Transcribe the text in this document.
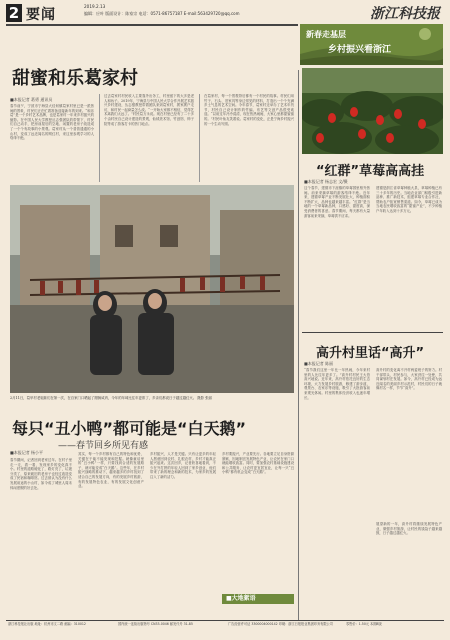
2 要闻
2019.2.13
编辑：应叶 版面设计：陈家宗 电话：0571-86757187 E-mail:563429720@qq.com	浙江科技报
新春走基层
乡村振兴看浙江
甜蜜和乐葛家村
■本报记者 葛勇 通讯员
春节前夕，宁波市宁海县大佳何镇葛家村里已是一派热闹的景象，村民们正在忙着准备迎接新年的到来。“和乐葛”是一个乡村艺术品牌，也是葛家村一年来乡村振兴的缩影。在中国人民大学教授丛志强团队的带领下，村民们自己动手，把房前屋后的空地、闲置的老房子改造成了一个个有故事的小景观。葛家村从一个普普通通的小山村，变成了远近闻名的网红村，来这里参观学习的人络绎不绝。
过去葛家村村民收入主要靠外出务工，村里留下的大多是老人和孩子。2019年，宁海县与中国人民大学合作开展艺术振兴乡村建设，丛志强教授带着团队来到葛家村，挨家挨户走访，和村民一起商量怎么改。“一开始大家都不相信，觉得艺术离我们太远了。”村民葛万永说。现在村里已经有了二十多个由村民自己设计建造的景观，仙绒美术馆、竹创馆、柿子院等成了游客打卡的热门地点。
在葛家村，每一个景观背后都有一个村民的故事。村民们用竹子、石头、旧家具等身边常见的材料，打造出一个个充满乡土气息的艺术空间。今年春节，葛家村还举办了艺术年货节，村民自己设计制作的竹编、布艺等文创产品很受欢迎。“以前过年冷冷清清，现在热热闹闹，大家心里都甜蜜蜜的。”村民叶仙友笑着说。葛家村的变化，正是宁海乡村振兴的一个生动写照。
2月11日，葛甲村老姐妹们在第一次，在自家门口晒起了腊肠咸肉，今年的年味比往年更浓了，乡亲们都说日子越过越红火。 摄影 张丽
每只“丑小鸭”都可能是“白天鹅”
——春节回乡所见有感
■本报记者 杨小平
春节期间，记者回到老家过年。在村子里走一走，看一看，发现家乡的变化真不小。村里的道路硬化了，路灯亮了，垃圾分类了，原来破旧的老房子也经过改造变成了民宿和咖啡馆。过去被认为没有什么发展前途的小山村，如今成了城里人周末休闲度假的好去处。
其实，每一个乡村都有自己的特色和优势，关键在于能不能发现和挖掘。就像童话里的“丑小鸭”一样，只要找到合适的发展路子，就可能变成“白天鹅”。这些年，在乡村振兴战略的推动下，越来越多的乡村找到了适合自己的发展方向，有的发展乡村旅游，有的发展特色农业，有的发展文化创意产业。
乡村振兴，人才是关键。只有让更多的年轻人愿意回到农村、扎根农村，乡村才能真正振兴起来。这次回乡，记者欣喜地看到，不少在外打拼的年轻人回到了家乡创业，他们带来了新的理念和新的技术，为家乡的发展注入了新的活力。
乡村要振兴，产业要先行。各地要立足自身资源禀赋，因地制宜发展特色产业，让农民在家门口就能增收致富。同时，要加强农村基础设施建设和公共服务，让农村更宜居宜业，让每一只“丑小鸭”都有机会变成“白天鹅”。
■大地絮语
“红群”草莓高高挂
■本报记者 杨志宏 文/摄
这个春节，建德市下涯镇的草莓园里格外热闹。前来采摘草莓的游客络绎不绝。近年来，建德草莓产业不断发展壮大，种植面积不断扩大，品种也越来越丰富。“红群”是当地的一个草莓新品种，口感好、甜度高，深受消费者的喜爱。春节期间，每天都有大量游客前来采摘，草莓供不应求。
建德是浙江省草莓种植大县，草莓种植已有三十多年的历史。当地农业部门积极引进新品种、推广新技术，组建草莓专业合作社，帮助农户拓宽销售渠道。如今，草莓已成为当地农民增收致富的“甜蜜产业”，不少种植户年收入达到十多万元。
高升村里话“高升”
■本报记者 陈丽
“春节我们这里一年比一年热闹，今年来村里的人比往年更多了。”高升村村民王大伯高兴地说。近年来，高升村依托良好的生态环境，大力发展乡村旅游，修建了游步道、观景台、农家乐等设施，吸引了大批游客前来观光休闲。村里的集体经济收入也逐年增长。
高升村的变化离不开村两委班子的努力。村干部带头，村民参与，大家劲往一处使，共同谋划村庄发展。如今，高升村已经成为远近闻名的美丽乡村示范村，村民们的日子就像村名一样，节节“高升”。
展望新的一年，高升村将继续发展特色产业，做强乡村旅游，让村民的钱袋子越来越鼓，日子越过越红火。
浙江科技报社出版 地址：杭州市文二路 邮编：310012	国内统一连续出版物号 CN33-0046 邮发代号 31-85	广告经营许可证 3300004000142 印刷：浙江日报报业集团印务有限公司	零售价：1.50元 本期8版
